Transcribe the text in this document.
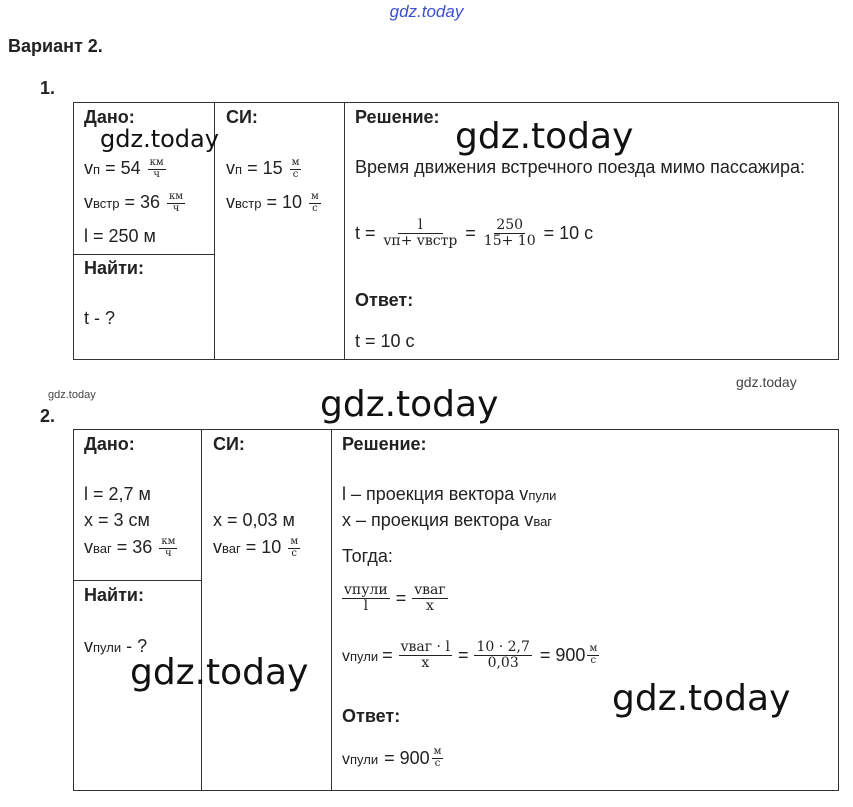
gdz.today
Вариант 2.
1.
Дано:
gdz.today
vп = $54 \frac{км}{ч}$
vвстр = $36 \frac{км}{ч}$
l = 250 м
Найти:
t - ?
СИ:
vп = $15 \frac{м}{с}$
vвстр = $10 \frac{м}{с}$
Решение: gdz.today
Время движения встречного поезда мимо пассажира:
$t = \frac{l}{\text{vп+ vвстр}} = \frac{250}{15+ 10} = 10$ с
Ответ:
t = 10 с
gdz.today
gdz.today
gdz.today
2.
Дано:
l = 2,7 м
x = 3 см
vваг = $36 \frac{км}{ч}$
Найти:
vпули - ?
gdz.today
СИ:
x = 0,03 м
vваг = $10 \frac{м}{с}$
Решение:
l – проекция вектора vпули
x – проекция вектора vваг
Тогда:
$\frac{\text{vпули}}{l} = \frac{\text{vваг}}{x}$
vпули = $\frac{\text{vваг · l}}{x} = \frac{10 \cdot 2,7}{0,03} = 900 \frac{м}{с}$
gdz.today
Ответ:
vпули = $900 \frac{м}{с}$
